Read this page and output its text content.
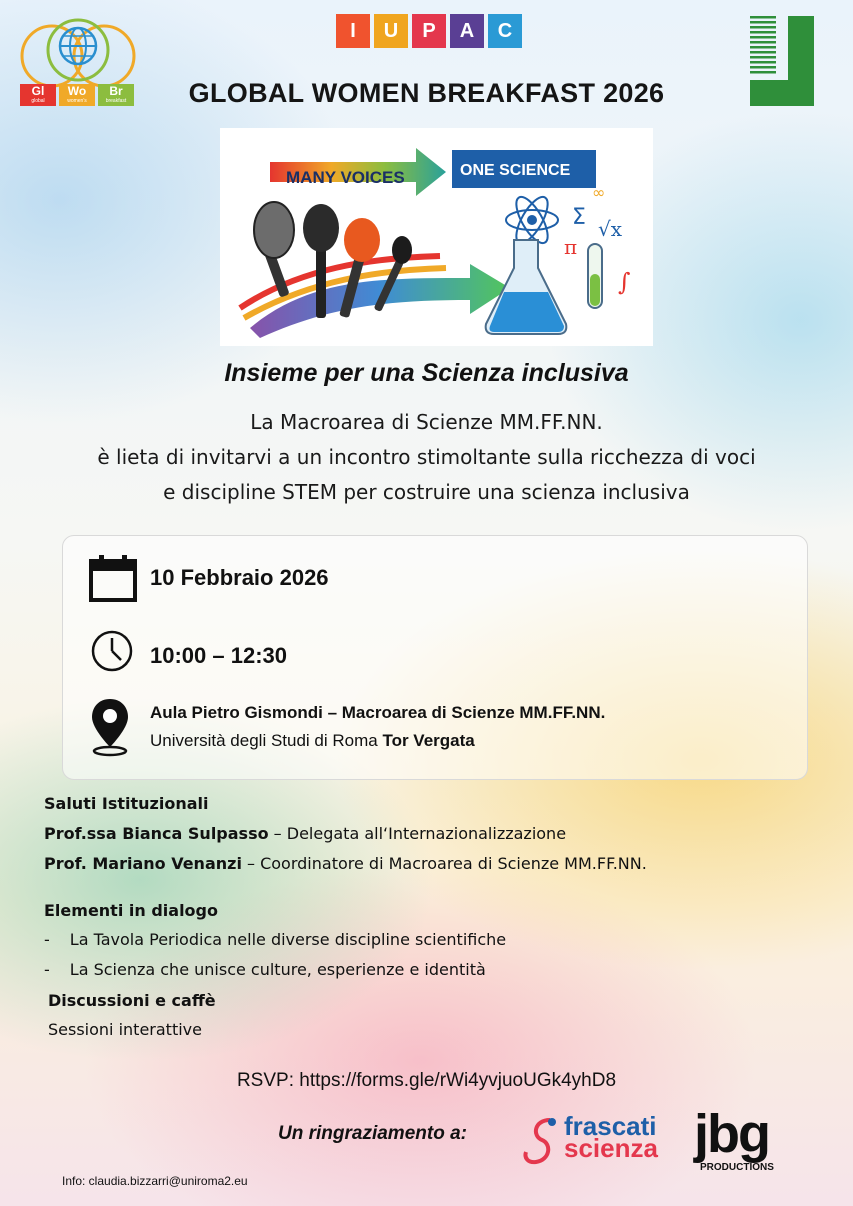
Gl
global
Wo
women's
Br
breakfast
I	U	P	A	C
GLOBAL WOMEN BREAKFAST 2026
MANY VOICES	ONE SCIENCE
∞
Σ
π
√x
∫
Insieme per una Scienza inclusiva
La Macroarea di Scienze MM.FF.NN.
è lieta di invitarvi a un incontro stimoltante sulla ricchezza di voci
e discipline STEM per costruire una scienza inclusiva
10 Febbraio 2026
10:00 – 12:30
Aula Pietro Gismondi – Macroarea di Scienze MM.FF.NN.
Università degli Studi di Roma Tor Vergata
Saluti Istituzionali
Prof.ssa Bianca Sulpasso – Delegata all‘Internazionalizzazione
Prof. Mariano Venanzi – Coordinatore di Macroarea di Scienze MM.FF.NN.
Elementi in dialogo
- La Tavola Periodica nelle diverse discipline scientifiche
- La Scienza che unisce culture, esperienze e identità
Discussioni e caffè
Sessioni interattive
RSVP: https://forms.gle/rWi4yvjuoUGk4yhD8
Un ringraziamento a:	frascati
scienza jbg
PRODUCTIONS
Info: claudia.bizzarri@uniroma2.eu
